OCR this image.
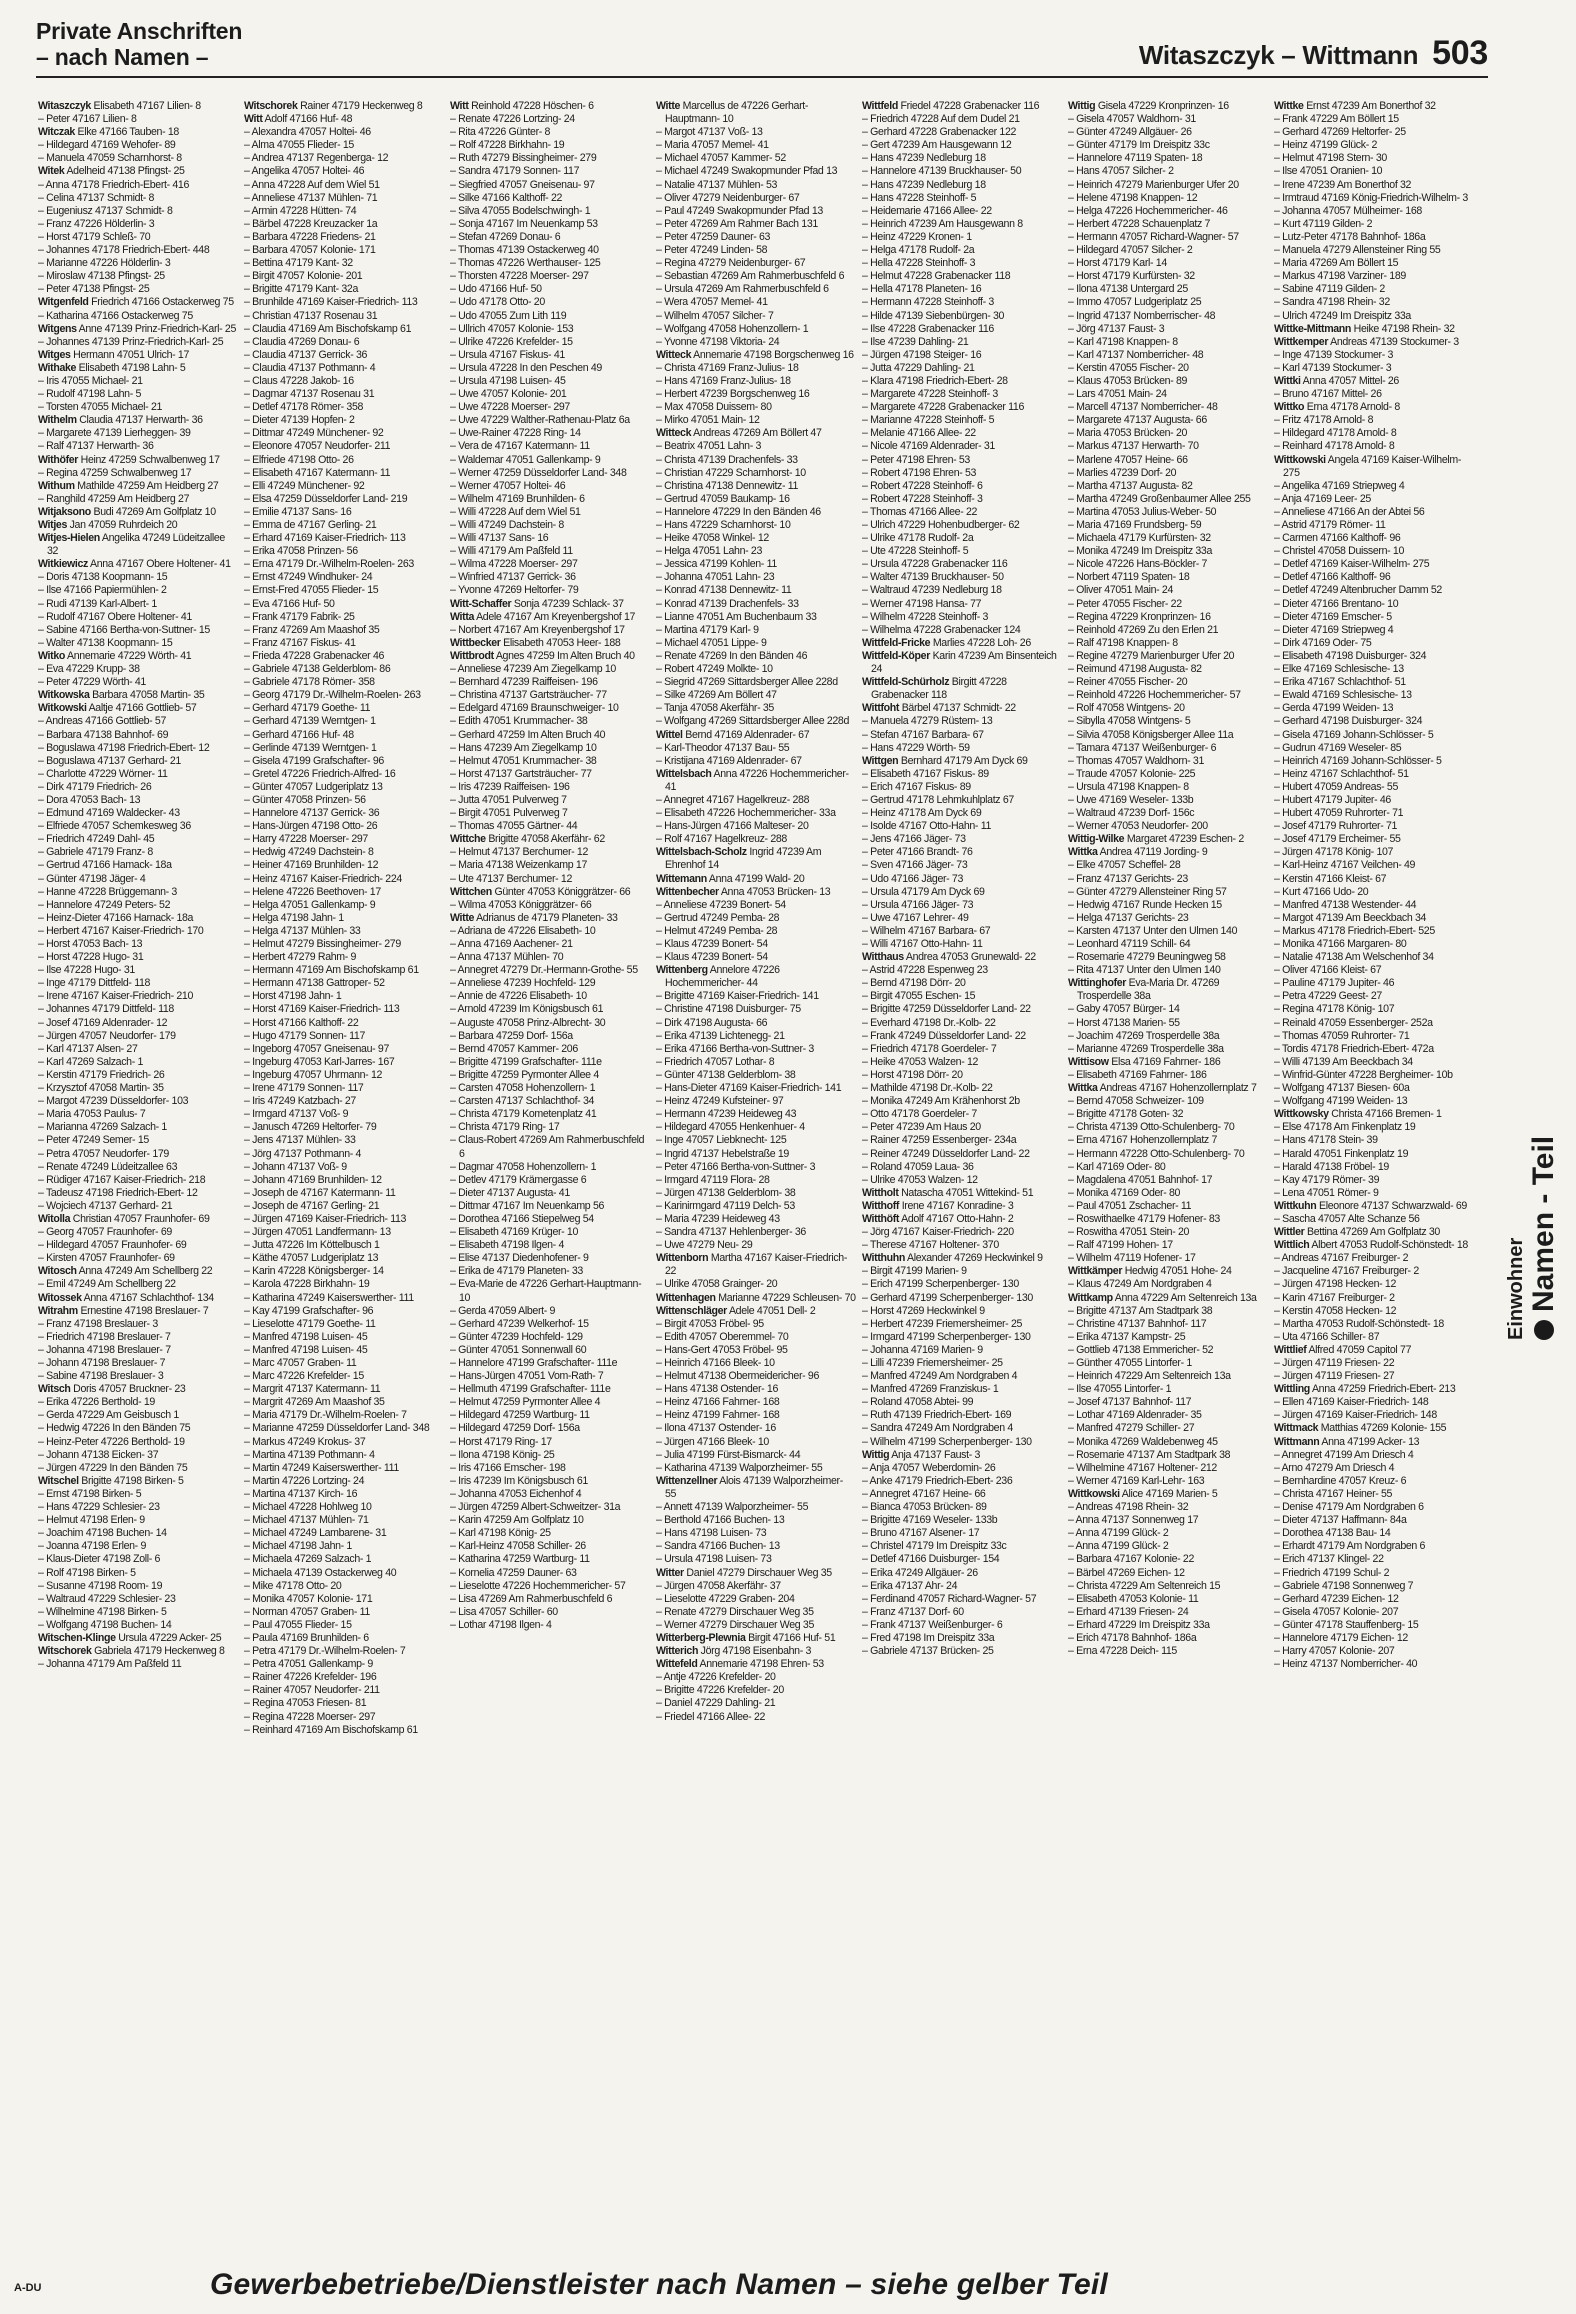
Private Anschriften
– nach Namen –	Witaszczyk – Wittmann 503

Witaszczyk Elisabeth 47167 Lilien- 8

– Peter 47167 Lilien- 8

Witczak Elke 47166 Tauben- 18

– Hildegard 47169 Wehofer- 89

– Manuela 47059 Scharnhorst- 8

Witek Adelheid 47138 Pfingst- 25

– Anna 47178 Friedrich-Ebert- 416

– Celina 47137 Schmidt- 8

– Eugeniusz 47137 Schmidt- 8

– Franz 47226 Hölderlin- 3

– Horst 47179 Schleß- 70

– Johannes 47178 Friedrich-Ebert- 448

– Marianne 47226 Hölderlin- 3

– Miroslaw 47138 Pfingst- 25

– Peter 47138 Pfingst- 25

Witgenfeld Friedrich 47166 Ostackerweg 75

– Katharina 47166 Ostackerweg 75

Witgens Anne 47139 Prinz-Friedrich-Karl- 25

– Johannes 47139 Prinz-Friedrich-Karl- 25

Witges Hermann 47051 Ulrich- 17

Withake Elisabeth 47198 Lahn- 5

– Iris 47055 Michael- 21

– Rudolf 47198 Lahn- 5

– Torsten 47055 Michael- 21

Withelm Claudia 47137 Herwarth- 36

– Margarete 47139 Lierheggen- 39

– Ralf 47137 Herwarth- 36

Withöfer Heinz 47259 Schwalbenweg 17

– Regina 47259 Schwalbenweg 17

Withum Mathilde 47259 Am Heidberg 27

– Ranghild 47259 Am Heidberg 27

Witjaksono Budi 47269 Am Golfplatz 10

Witjes Jan 47059 Ruhrdeich 20

Witjes-Hielen Angelika 47249 Lüdeitzallee 32

Witkiewicz Anna 47167 Obere Holtener- 41

– Doris 47138 Koopmann- 15

– Ilse 47166 Papiermühlen- 2

– Rudi 47139 Karl-Albert- 1

– Rudolf 47167 Obere Holtener- 41

– Sabine 47166 Bertha-von-Suttner- 15

– Walter 47138 Koopmann- 15

Witko Annemarie 47229 Wörth- 41

– Eva 47229 Krupp- 38

– Peter 47229 Wörth- 41

Witkowska Barbara 47058 Martin- 35

Witkowski Aaltje 47166 Gottlieb- 57

– Andreas 47166 Gottlieb- 57

– Barbara 47138 Bahnhof- 69

– Boguslawa 47198 Friedrich-Ebert- 12

– Boguslawa 47137 Gerhard- 21

– Charlotte 47229 Wörner- 11

– Dirk 47179 Friedrich- 26

– Dora 47053 Bach- 13

– Edmund 47169 Waldecker- 43

– Elfriede 47057 Schemkesweg 36

– Friedrich 47249 Dahl- 45

– Gabriele 47179 Franz- 8

– Gertrud 47166 Hamack- 18a

– Günter 47198 Jäger- 4

– Hanne 47228 Brüggemann- 3

– Hannelore 47249 Peters- 52

– Heinz-Dieter 47166 Harnack- 18a

– Herbert 47167 Kaiser-Friedrich- 170

– Horst 47053 Bach- 13

– Horst 47228 Hugo- 31

– Ilse 47228 Hugo- 31

– Inge 47179 Dittfeld- 118

– Irene 47167 Kaiser-Friedrich- 210

– Johannes 47179 Dittfeld- 118

– Josef 47169 Aldenrader- 12

– Jürgen 47057 Neudorfer- 179

– Karl 47137 Alsen- 27

– Karl 47269 Salzach- 1

– Kerstin 47179 Friedrich- 26

– Krzysztof 47058 Martin- 35

– Margot 47239 Düsseldorfer- 103

– Maria 47053 Paulus- 7

– Marianna 47269 Salzach- 1

– Peter 47249 Semer- 15

– Petra 47057 Neudorfer- 179

– Renate 47249 Lüdeitzallee 63

– Rüdiger 47167 Kaiser-Friedrich- 218

– Tadeusz 47198 Friedrich-Ebert- 12

– Wojciech 47137 Gerhard- 21

Witolla Christian 47057 Fraunhofer- 69

– Georg 47057 Fraunhofer- 69

– Hildegard 47057 Fraunhofer- 69

– Kirsten 47057 Fraunhofer- 69

Witosch Anna 47249 Am Schellberg 22

– Emil 47249 Am Schellberg 22

Witossek Anna 47167 Schlachthof- 134

Witrahm Ernestine 47198 Breslauer- 7

– Franz 47198 Breslauer- 3

– Friedrich 47198 Breslauer- 7

– Johanna 47198 Breslauer- 7

– Johann 47198 Breslauer- 7

– Sabine 47198 Breslauer- 3

Witsch Doris 47057 Bruckner- 23

– Erika 47226 Berthold- 19

– Gerda 47229 Am Geisbusch 1

– Hedwig 47226 In den Bänden 75

– Heinz-Peter 47226 Berthold- 19

– Johann 47138 Eicken- 37

– Jürgen 47229 In den Bänden 75

Witschel Brigitte 47198 Birken- 5

– Ernst 47198 Birken- 5

– Hans 47229 Schlesier- 23

– Helmut 47198 Erlen- 9

– Joachim 47198 Buchen- 14

– Joanna 47198 Erlen- 9

– Klaus-Dieter 47198 Zoll- 6

– Rolf 47198 Birken- 5

– Susanne 47198 Room- 19

– Waltraud 47229 Schlesier- 23

– Wilhelmine 47198 Birken- 5

– Wolfgang 47198 Buchen- 14

Witschen-Klinge Ursula 47229 Acker- 25

Witschorek Gabriela 47179 Heckenweg 8

– Johanna 47179 Am Paßfeld 11

Witschorek Rainer 47179 Heckenweg 8

Witt Adolf 47166 Huf- 48

– Alexandra 47057 Holtei- 46

– Alma 47055 Flieder- 15

– Andrea 47137 Regenberga- 12

– Angelika 47057 Holtei- 46

– Anna 47228 Auf dem Wiel 51

– Anneliese 47137 Mühlen- 71

– Armin 47228 Hütten- 74

– Bärbel 47228 Kreuzacker 1a

– Barbara 47228 Friedens- 21

– Barbara 47057 Kolonie- 171

– Bettina 47179 Kant- 32

– Birgit 47057 Kolonie- 201

– Brigitte 47179 Kant- 32a

– Brunhilde 47169 Kaiser-Friedrich- 113

– Christian 47137 Rosenau 31

– Claudia 47169 Am Bischofskamp 61

– Claudia 47269 Donau- 6

– Claudia 47137 Gerrick- 36

– Claudia 47137 Pothmann- 4

– Claus 47228 Jakob- 16

– Dagmar 47137 Rosenau 31

– Detlef 47178 Römer- 358

– Dieter 47139 Hopfen- 2

– Dittmar 47249 Münchener- 92

– Eleonore 47057 Neudorfer- 211

– Elfriede 47198 Otto- 26

– Elisabeth 47167 Katermann- 11

– Elli 47249 Münchener- 92

– Elsa 47259 Düsseldorfer Land- 219

– Emilie 47137 Sans- 16

– Emma de 47167 Gerling- 21

– Erhard 47169 Kaiser-Friedrich- 113

– Erika 47058 Prinzen- 56

– Erna 47179 Dr.-Wilhelm-Roelen- 263

– Ernst 47249 Windhuker- 24

– Ernst-Fred 47055 Flieder- 15

– Eva 47166 Huf- 50

– Frank 47179 Fabrik- 25

– Franz 47269 Am Maashof 35

– Franz 47167 Fiskus- 41

– Frieda 47228 Grabenacker 46

– Gabriele 47138 Gelderblom- 86

– Gabriele 47178 Römer- 358

– Georg 47179 Dr.-Wilhelm-Roelen- 263

– Gerhard 47179 Goethe- 11

– Gerhard 47139 Werntgen- 1

– Gerhard 47166 Huf- 48

– Gerlinde 47139 Werntgen- 1

– Gisela 47199 Grafschafter- 96

– Gretel 47226 Friedrich-Alfred- 16

– Günter 47057 Ludgeriplatz 13

– Günter 47058 Prinzen- 56

– Hannelore 47137 Gerrick- 36

– Hans-Jürgen 47198 Otto- 26

– Harry 47228 Moerser- 297

– Hedwig 47249 Dachstein- 8

– Heiner 47169 Brunhilden- 12

– Heinz 47167 Kaiser-Friedrich- 224

– Helene 47226 Beethoven- 17

– Helga 47051 Gallenkamp- 9

– Helga 47198 Jahn- 1

– Helga 47137 Mühlen- 33

– Helmut 47279 Bissingheimer- 279

– Herbert 47279 Rahm- 9

– Hermann 47169 Am Bischofskamp 61

– Hermann 47138 Gattroper- 52

– Horst 47198 Jahn- 1

– Horst 47169 Kaiser-Friedrich- 113

– Horst 47166 Kalthoff- 22

– Hugo 47179 Sonnen- 117

– Ingeborg 47057 Gneisenau- 97

– Ingeburg 47053 Karl-Jarres- 167

– Ingeburg 47057 Uhrmann- 12

– Irene 47179 Sonnen- 117

– Iris 47249 Katzbach- 27

– Irmgard 47137 Voß- 9

– Janusch 47269 Heltorfer- 79

– Jens 47137 Mühlen- 33

– Jörg 47137 Pothmann- 4

– Johann 47137 Voß- 9

– Johann 47169 Brunhilden- 12

– Joseph de 47167 Katermann- 11

– Joseph de 47167 Gerling- 21

– Jürgen 47169 Kaiser-Friedrich- 113

– Jürgen 47051 Landfermann- 13

– Jutta 47226 Im Köttelbusch 1

– Käthe 47057 Ludgeriplatz 13

– Karin 47228 Königsberger- 14

– Karola 47228 Birkhahn- 19

– Katharina 47249 Kaiserswerther- 111

– Kay 47199 Grafschafter- 96

– Lieselotte 47179 Goethe- 11

– Manfred 47198 Luisen- 45

– Manfred 47198 Luisen- 45

– Marc 47057 Graben- 11

– Marc 47226 Krefelder- 15

– Margrit 47137 Katermann- 11

– Margrit 47269 Am Maashof 35

– Maria 47179 Dr.-Wilhelm-Roelen- 7

– Marianne 47259 Düsseldorfer Land- 348

– Markus 47249 Krokus- 37

– Martina 47139 Pothmann- 4

– Martin 47249 Kaiserswerther- 111

– Martin 47226 Lortzing- 24

– Martina 47137 Kirch- 16

– Michael 47228 Hohlweg 10

– Michael 47137 Mühlen- 71

– Michael 47249 Lambarene- 31

– Michael 47198 Jahn- 1

– Michaela 47269 Salzach- 1

– Michaela 47139 Ostackerweg 40

– Mike 47178 Otto- 20

– Monika 47057 Kolonie- 171

– Norman 47057 Graben- 11

– Paul 47055 Flieder- 15

– Paula 47169 Brunhilden- 6

– Petra 47179 Dr.-Wilhelm-Roelen- 7

– Petra 47051 Gallenkamp- 9

– Rainer 47226 Krefelder- 196

– Rainer 47057 Neudorfer- 211

– Regina 47053 Friesen- 81

– Regina 47228 Moerser- 297

– Reinhard 47169 Am Bischofskamp 61

Witt Reinhold 47228 Höschen- 6

– Renate 47226 Lortzing- 24

– Rita 47226 Günter- 8

– Rolf 47228 Birkhahn- 19

– Ruth 47279 Bissingheimer- 279

– Sandra 47179 Sonnen- 117

– Siegfried 47057 Gneisenau- 97

– Silke 47166 Kalthoff- 22

– Silva 47055 Bodelschwingh- 1

– Sonja 47167 Im Neuenkamp 53

– Stefan 47269 Donau- 6

– Thomas 47139 Ostackerweg 40

– Thomas 47226 Werthauser- 125

– Thorsten 47228 Moerser- 297

– Udo 47166 Huf- 50

– Udo 47178 Otto- 20

– Udo 47055 Zum Lith 119

– Ullrich 47057 Kolonie- 153

– Ulrike 47226 Krefelder- 15

– Ursula 47167 Fiskus- 41

– Ursula 47228 In den Peschen 49

– Ursula 47198 Luisen- 45

– Uwe 47057 Kolonie- 201

– Uwe 47228 Moerser- 297

– Uwe 47229 Walther-Rathenau-Platz 6a

– Uwe-Rainer 47228 Ring- 14

– Vera de 47167 Katermann- 11

– Waldemar 47051 Gallenkamp- 9

– Werner 47259 Düsseldorfer Land- 348

– Werner 47057 Holtei- 46

– Wilhelm 47169 Brunhilden- 6

– Willi 47228 Auf dem Wiel 51

– Willi 47249 Dachstein- 8

– Willi 47137 Sans- 16

– Willi 47179 Am Paßfeld 11

– Wilma 47228 Moerser- 297

– Winfried 47137 Gerrick- 36

– Yvonne 47269 Heltorfer- 79

Witt-Schaffer Sonja 47239 Schlack- 37

Witta Adele 47167 Am Kreyenbergshof 17

– Norbert 47167 Am Kreyenbergshof 17

Wittbecker Elisabeth 47053 Heer- 188

Wittbrodt Agnes 47259 Im Alten Bruch 40

– Anneliese 47239 Am Ziegelkamp 10

– Bernhard 47239 Raiffeisen- 196

– Christina 47137 Gartsträucher- 77

– Edelgard 47169 Braunschweiger- 10

– Edith 47051 Krummacher- 38

– Gerhard 47259 Im Alten Bruch 40

– Hans 47239 Am Ziegelkamp 10

– Helmut 47051 Krummacher- 38

– Horst 47137 Gartsträucher- 77

– Iris 47239 Raiffeisen- 196

– Jutta 47051 Pulverweg 7

– Birgit 47051 Pulverweg 7

– Thomas 47055 Gärtner- 44

Wittche Brigitte 47058 Akerfähr- 62

– Helmut 47137 Berchumer- 12

– Maria 47138 Weizenkamp 17

– Ute 47137 Berchumer- 12

Wittchen Günter 47053 Königgrätzer- 66

– Wilma 47053 Königgrätzer- 66

Witte Adrianus de 47179 Planeten- 33

– Adriana de 47226 Elisabeth- 10

– Anna 47169 Aachener- 21

– Anna 47137 Mühlen- 70

– Annegret 47279 Dr.-Hermann-Grothe- 55

– Anneliese 47239 Hochfeld- 129

– Annie de 47226 Elisabeth- 10

– Arnold 47239 Im Königsbusch 61

– Auguste 47058 Prinz-Albrecht- 30

– Barbara 47259 Dorf- 156a

– Bernd 47057 Kammer- 206

– Brigitte 47199 Grafschafter- 111e

– Brigitte 47259 Pyrmonter Allee 4

– Carsten 47058 Hohenzollern- 1

– Carsten 47137 Schlachthof- 34

– Christa 47179 Kometenplatz 41

– Christa 47179 Ring- 17

– Claus-Robert 47269 Am Rahmerbuschfeld 6

– Dagmar 47058 Hohenzollern- 1

– Detlev 47179 Krämergasse 6

– Dieter 47137 Augusta- 41

– Dittmar 47167 Im Neuenkamp 56

– Dorothea 47166 Stiepelweg 54

– Elisabeth 47169 Krüger- 10

– Elisabeth 47198 Ilgen- 4

– Elise 47137 Diedenhofener- 9

– Erika de 47179 Planeten- 33

– Eva-Marie de 47226 Gerhart-Hauptmann- 10

– Gerda 47059 Albert- 9

– Gerhard 47239 Welkerhof- 15

– Günter 47239 Hochfeld- 129

– Günter 47051 Sonnenwall 60

– Hannelore 47199 Grafschafter- 111e

– Hans-Jürgen 47051 Vom-Rath- 7

– Hellmuth 47199 Grafschafter- 111e

– Helmut 47259 Pyrmonter Allee 4

– Hildegard 47259 Wartburg- 11

– Hildegard 47259 Dorf- 156a

– Horst 47179 Ring- 17

– Ilona 47198 König- 25

– Iris 47166 Emscher- 198

– Iris 47239 Im Königsbusch 61

– Johanna 47053 Eichenhof 4

– Jürgen 47259 Albert-Schweitzer- 31a

– Karin 47259 Am Golfplatz 10

– Karl 47198 König- 25

– Karl-Heinz 47058 Schiller- 26

– Katharina 47259 Wartburg- 11

– Kornelia 47259 Dauner- 63

– Lieselotte 47226 Hochemmericher- 57

– Lisa 47269 Am Rahmerbuschfeld 6

– Lisa 47057 Schiller- 60

– Lothar 47198 Ilgen- 4

Witte Marcellus de 47226 Gerhart-Hauptmann- 10

– Margot 47137 Voß- 13

– Maria 47057 Memel- 41

– Michael 47057 Kammer- 52

– Michael 47249 Swakopmunder Pfad 13

– Natalie 47137 Mühlen- 53

– Oliver 47279 Neidenburger- 67

– Paul 47249 Swakopmunder Pfad 13

– Peter 47269 Am Rahmer Bach 131

– Peter 47259 Dauner- 63

– Peter 47249 Linden- 58

– Regina 47279 Neidenburger- 67

– Sebastian 47269 Am Rahmerbuschfeld 6

– Ursula 47269 Am Rahmerbuschfeld 6

– Wera 47057 Memel- 41

– Wilhelm 47057 Silcher- 7

– Wolfgang 47058 Hohenzollern- 1

– Yvonne 47198 Viktoria- 24

Witteck Annemarie 47198 Borgschenweg 16

– Christa 47169 Franz-Julius- 18

– Hans 47169 Franz-Julius- 18

– Herbert 47239 Borgschenweg 16

– Max 47058 Duissem- 80

– Mirko 47051 Main- 12

Witteck Andreas 47269 Am Böllert 47

– Beatrix 47051 Lahn- 3

– Christa 47139 Drachenfels- 33

– Christian 47229 Scharnhorst- 10

– Christina 47138 Dennewitz- 11

– Gertrud 47059 Baukamp- 16

– Hannelore 47229 In den Bänden 46

– Hans 47229 Scharnhorst- 10

– Heike 47058 Winkel- 12

– Helga 47051 Lahn- 23

– Jessica 47199 Kohlen- 11

– Johanna 47051 Lahn- 23

– Konrad 47138 Dennewitz- 11

– Konrad 47139 Drachenfels- 33

– Lianne 47051 Am Buchenbaum 33

– Martina 47179 Karl- 9

– Michael 47051 Lippe- 9

– Renate 47269 In den Bänden 46

– Robert 47249 Molkte- 10

– Siegrid 47269 Sittardsberger Allee 228d

– Silke 47269 Am Böllert 47

– Tanja 47058 Akerfähr- 35

– Wolfgang 47269 Sittardsberger Allee 228d

Wittel Bernd 47169 Aldenrader- 67

– Karl-Theodor 47137 Bau- 55

– Kristijana 47169 Aldenrader- 67

Wittelsbach Anna 47226 Hochemmericher- 41

– Annegret 47167 Hagelkreuz- 288

– Elisabeth 47226 Hochemmericher- 33a

– Hans-Jürgen 47166 Malteser- 20

– Rolf 47167 Hagelkreuz- 288

Wittelsbach-Scholz Ingrid 47239 Am Ehrenhof 14

Wittemann Anna 47199 Wald- 20

Wittenbecher Anna 47053 Brücken- 13

– Anneliese 47239 Bonert- 54

– Gertrud 47249 Pemba- 28

– Helmut 47249 Pemba- 28

– Klaus 47239 Bonert- 54

– Klaus 47239 Bonert- 54

Wittenberg Annelore 47226 Hochemmericher- 44

– Brigitte 47169 Kaiser-Friedrich- 141

– Christine 47198 Duisburger- 75

– Dirk 47198 Augusta- 66

– Erika 47139 Lichtenegg- 21

– Erika 47166 Bertha-von-Suttner- 3

– Friedrich 47057 Lothar- 8

– Günter 47138 Gelderblom- 38

– Hans-Dieter 47169 Kaiser-Friedrich- 141

– Heinz 47249 Kufsteiner- 97

– Hermann 47239 Heideweg 43

– Hildegard 47055 Henkenhuer- 4

– Inge 47057 Liebknecht- 125

– Ingrid 47137 Hebelstraße 19

– Peter 47166 Bertha-von-Suttner- 3

– Irmgard 47119 Flora- 28

– Jürgen 47138 Gelderblom- 38

– Karinirmgard 47119 Delch- 53

– Maria 47239 Heideweg 43

– Sandra 47137 Hehlenberger- 36

– Uwe 47279 Neu- 29

Wittenborn Martha 47167 Kaiser-Friedrich- 22

– Ulrike 47058 Grainger- 20

Wittenhagen Marianne 47229 Schleusen- 70

Wittenschläger Adele 47051 Dell- 2

– Birgit 47053 Fröbel- 95

– Edith 47057 Oberemmel- 70

– Hans-Gert 47053 Fröbel- 95

– Heinrich 47166 Bleek- 10

– Helmut 47138 Obermeidericher- 96

– Hans 47138 Ostender- 16

– Heinz 47166 Fahrner- 168

– Heinz 47199 Fahrner- 168

– Ilona 47137 Ostender- 16

– Jürgen 47166 Bleek- 10

– Julia 47199 Fürst-Bismarck- 44

– Katharina 47139 Walporzheimer- 55

Wittenzellner Alois 47139 Walporzheimer- 55

– Annett 47139 Walporzheimer- 55

– Berthold 47166 Buchen- 13

– Hans 47198 Luisen- 73

– Sandra 47166 Buchen- 13

– Ursula 47198 Luisen- 73

Witter Daniel 47279 Dirschauer Weg 35

– Jürgen 47058 Akerfähr- 37

– Lieselotte 47229 Graben- 204

– Renate 47279 Dirschauer Weg 35

– Werner 47279 Dirschauer Weg 35

Witterberg-Plewnia Birgit 47166 Huf- 51

Witterich Jörg 47198 Eisenbahn- 3

Wittefeld Annemarie 47198 Ehren- 53

– Antje 47226 Krefelder- 20

– Brigitte 47226 Krefelder- 20

– Daniel 47229 Dahling- 21

– Friedel 47166 Allee- 22

Wittfeld Friedel 47228 Grabenacker 116

– Friedrich 47228 Auf dem Dudel 21

– Gerhard 47228 Grabenacker 122

– Gert 47239 Am Hausgewann 12

– Hans 47239 Nedleburg 18

– Hannelore 47139 Bruckhauser- 50

– Hans 47239 Nedleburg 18

– Hans 47228 Steinhoff- 5

– Heidemarie 47166 Allee- 22

– Heinrich 47239 Am Hausgewann 8

– Heinz 47229 Kronen- 1

– Helga 47178 Rudolf- 2a

– Hella 47228 Steinhoff- 3

– Helmut 47228 Grabenacker 118

– Hella 47178 Planeten- 16

– Hermann 47228 Steinhoff- 3

– Hilde 47139 Siebenbürgen- 30

– Ilse 47228 Grabenacker 116

– Ilse 47239 Dahling- 21

– Jürgen 47198 Steiger- 16

– Jutta 47229 Dahling- 21

– Klara 47198 Friedrich-Ebert- 28

– Margarete 47228 Steinhoff- 3

– Margarete 47228 Grabenacker 116

– Marianne 47228 Steinhoff- 5

– Melanie 47166 Allee- 22

– Nicole 47169 Aldenrader- 31

– Peter 47198 Ehren- 53

– Robert 47198 Ehren- 53

– Robert 47228 Steinhoff- 6

– Robert 47228 Steinhoff- 3

– Thomas 47166 Allee- 22

– Ulrich 47229 Hohenbudberger- 62

– Ulrike 47178 Rudolf- 2a

– Ute 47228 Steinhoff- 5

– Ursula 47228 Grabenacker 116

– Walter 47139 Bruckhauser- 50

– Waltraud 47239 Nedleburg 18

– Werner 47198 Hansa- 77

– Wilhelm 47228 Steinhoff- 3

– Wilhelma 47228 Grabenacker 124

Wittfeld-Fricke Marlies 47228 Loh- 26

Wittfeld-Köper Karin 47239 Am Binsenteich 24

Wittfeld-Schürholz Birgitt 47228 Grabenacker 118

Wittfoht Bärbel 47137 Schmidt- 22

– Manuela 47279 Rüstem- 13

– Stefan 47167 Barbara- 67

– Hans 47229 Wörth- 59

Wittgen Bernhard 47179 Am Dyck 69

– Elisabeth 47167 Fiskus- 89

– Erich 47167 Fiskus- 89

– Gertrud 47178 Lehmkuhlplatz 67

– Heinz 47178 Am Dyck 69

– Isolde 47167 Otto-Hahn- 11

– Jens 47166 Jäger- 73

– Peter 47166 Brandt- 76

– Sven 47166 Jäger- 73

– Udo 47166 Jäger- 73

– Ursula 47179 Am Dyck 69

– Ursula 47166 Jäger- 73

– Uwe 47167 Lehrer- 49

– Wilhelm 47167 Barbara- 67

– Willi 47167 Otto-Hahn- 11

Witthaus Andrea 47053 Grunewald- 22

– Astrid 47228 Espenweg 23

– Bernd 47198 Dörr- 20

– Birgit 47055 Eschen- 15

– Brigitte 47259 Düsseldorfer Land- 22

– Everhard 47198 Dr.-Kolb- 22

– Frank 47249 Düsseldorfer Land- 22

– Friedrich 47178 Goerdeler- 7

– Heike 47053 Walzen- 12

– Horst 47198 Dörr- 20

– Mathilde 47198 Dr.-Kolb- 22

– Monika 47249 Am Krähenhorst 2b

– Otto 47178 Goerdeler- 7

– Peter 47239 Am Haus 20

– Rainer 47259 Essenberger- 234a

– Reiner 47249 Düsseldorfer Land- 22

– Roland 47059 Laua- 36

– Ulrike 47053 Walzen- 12

Wittholt Natascha 47051 Wittekind- 51

Witthoff Irene 47167 Konradine- 3

Witthöft Adolf 47167 Otto-Hahn- 2

– Jörg 47167 Kaiser-Friedrich- 220

– Therese 47167 Holtener- 370

Witthuhn Alexander 47269 Heckwinkel 9

– Birgit 47199 Marien- 9

– Erich 47199 Scherpenberger- 130

– Gerhard 47199 Scherpenberger- 130

– Horst 47269 Heckwinkel 9

– Herbert 47239 Friemersheimer- 25

– Irmgard 47199 Scherpenberger- 130

– Johanna 47169 Marien- 9

– Lilli 47239 Friemersheimer- 25

– Manfred 47249 Am Nordgraben 4

– Manfred 47269 Franziskus- 1

– Roland 47058 Abtei- 99

– Ruth 47139 Friedrich-Ebert- 169

– Sandra 47249 Am Nordgraben 4

– Wilhelm 47199 Scherpenberger- 130

Wittig Anja 47137 Faust- 3

– Anja 47057 Weberdomin- 26

– Anke 47179 Friedrich-Ebert- 236

– Annegret 47167 Heine- 66

– Bianca 47053 Brücken- 89

– Brigitte 47169 Weseler- 133b

– Bruno 47167 Alsener- 17

– Christel 47179 Im Dreispitz 33c

– Detlef 47166 Duisburger- 154

– Erika 47249 Allgäuer- 26

– Erika 47137 Ahr- 24

– Ferdinand 47057 Richard-Wagner- 57

– Franz 47137 Dorf- 60

– Frank 47137 Weißenburger- 6

– Fred 47198 Im Dreispitz 33a

– Gabriele 47137 Brücken- 25

Wittig Gisela 47229 Kronprinzen- 16

– Gisela 47057 Waldhorn- 31

– Günter 47249 Allgäuer- 26

– Günter 47179 Im Dreispitz 33c

– Hannelore 47119 Spaten- 18

– Hans 47057 Silcher- 2

– Heinrich 47279 Marienburger Ufer 20

– Helene 47198 Knappen- 12

– Helga 47226 Hochemmericher- 46

– Herbert 47228 Schauenplatz 7

– Hermann 47057 Richard-Wagner- 57

– Hildegard 47057 Silcher- 2

– Horst 47179 Karl- 14

– Horst 47179 Kurfürsten- 32

– Ilona 47138 Untergard 25

– Immo 47057 Ludgeriplatz 25

– Ingrid 47137 Nomberrischer- 48

– Jörg 47137 Faust- 3

– Karl 47198 Knappen- 8

– Karl 47137 Nomberricher- 48

– Kerstin 47055 Fischer- 20

– Klaus 47053 Brücken- 89

– Lars 47051 Main- 24

– Marcell 47137 Nomberricher- 48

– Margarete 47137 Augusta- 66

– Maria 47053 Brücken- 20

– Markus 47137 Herwarth- 70

– Marlene 47057 Heine- 66

– Marlies 47239 Dorf- 20

– Martha 47137 Augusta- 82

– Martha 47249 Großenbaumer Allee 255

– Martina 47053 Julius-Weber- 50

– Maria 47169 Frundsberg- 59

– Michaela 47179 Kurfürsten- 32

– Monika 47249 Im Dreispitz 33a

– Nicole 47226 Hans-Böckler- 7

– Norbert 47119 Spaten- 18

– Oliver 47051 Main- 24

– Peter 47055 Fischer- 22

– Regina 47229 Kronprinzen- 16

– Reinhold 47269 Zu den Erlen 21

– Ralf 47198 Knappen- 8

– Regine 47279 Marienburger Ufer 20

– Reimund 47198 Augusta- 82

– Reiner 47055 Fischer- 20

– Reinhold 47226 Hochemmericher- 57

– Rolf 47058 Wintgens- 20

– Sibylla 47058 Wintgens- 5

– Silvia 47058 Königsberger Allee 11a

– Tamara 47137 Weißenburger- 6

– Thomas 47057 Waldhorn- 31

– Traude 47057 Kolonie- 225

– Ursula 47198 Knappen- 8

– Uwe 47169 Weseler- 133b

– Waltraud 47239 Dorf- 156c

– Werner 47053 Neudorfer- 200

Wittig-Wilke Margaret 47239 Eschen- 2

Wittka Andrea 47119 Jording- 9

– Elke 47057 Scheffel- 28

– Franz 47137 Gerichts- 23

– Günter 47279 Allensteiner Ring 57

– Hedwig 47167 Runde Hecken 15

– Helga 47137 Gerichts- 23

– Karsten 47137 Unter den Ulmen 140

– Leonhard 47119 Schill- 64

– Rosemarie 47279 Beuningweg 58

– Rita 47137 Unter den Ulmen 140

Wittinghofer Eva-Maria Dr. 47269 Trosperdelle 38a

– Gaby 47057 Bürger- 14

– Horst 47138 Marien- 55

– Joachim 47269 Trosperdelle 38a

– Marianne 47269 Trosperdelle 38a

Wittisow Elsa 47169 Fahrner- 186

– Elisabeth 47169 Fahrner- 186

Wittka Andreas 47167 Hohenzollernplatz 7

– Bernd 47058 Schweizer- 109

– Brigitte 47178 Goten- 32

– Christa 47139 Otto-Schulenberg- 70

– Erna 47167 Hohenzollernplatz 7

– Hermann 47228 Otto-Schulenberg- 70

– Karl 47169 Oder- 80

– Magdalena 47051 Bahnhof- 17

– Monika 47169 Oder- 80

– Paul 47051 Zschacher- 11

– Roswithaelke 47179 Hofener- 83

– Roswitha 47051 Stein- 20

– Ralf 47199 Hohen- 17

– Wilhelm 47119 Hofener- 17

Wittkämper Hedwig 47051 Hohe- 24

– Klaus 47249 Am Nordgraben 4

Wittkamp Anna 47229 Am Seltenreich 13a

– Brigitte 47137 Am Stadtpark 38

– Christine 47137 Bahnhof- 117

– Erika 47137 Kampstr- 25

– Gottlieb 47138 Emmericher- 52

– Günther 47055 Lintorfer- 1

– Heinrich 47229 Am Seltenreich 13a

– Ilse 47055 Lintorfer- 1

– Josef 47137 Bahnhof- 117

– Lothar 47169 Aldenrader- 35

– Manfred 47279 Schiller- 27

– Monika 47269 Waldebenweg 45

– Rosemarie 47137 Am Stadtpark 38

– Wilhelmine 47167 Holtener- 212

– Werner 47169 Karl-Lehr- 163

Wittkowski Alice 47169 Marien- 5

– Andreas 47198 Rhein- 32

– Anna 47137 Sonnenweg 17

– Anna 47199 Glück- 2

– Anna 47199 Glück- 2

– Barbara 47167 Kolonie- 22

– Bärbel 47269 Eichen- 12

– Christa 47229 Am Seltenreich 15

– Elisabeth 47053 Kolonie- 11

– Erhard 47139 Friesen- 24

– Erhard 47229 Im Dreispitz 33a

– Erich 47178 Bahnhof- 186a

– Erna 47228 Deich- 115

Wittke Ernst 47239 Am Bonerthof 32

– Frank 47229 Am Böllert 15

– Gerhard 47269 Heltorfer- 25

– Heinz 47199 Glück- 2

– Helmut 47198 Stern- 30

– Ilse 47051 Oranien- 10

– Irene 47239 Am Bonerthof 32

– Irmtraud 47169 König-Friedrich-Wilhelm- 3

– Johanna 47057 Mülheimer- 168

– Kurt 47119 Gilden- 2

– Lutz-Peter 47178 Bahnhof- 186a

– Manuela 47279 Allensteiner Ring 55

– Maria 47269 Am Böllert 15

– Markus 47198 Varziner- 189

– Sabine 47119 Gilden- 2

– Sandra 47198 Rhein- 32

– Ulrich 47249 Im Dreispitz 33a

Wittke-Mittmann Heike 47198 Rhein- 32

Wittkemper Andreas 47139 Stockumer- 3

– Inge 47139 Stockumer- 3

– Karl 47139 Stockumer- 3

Wittki Anna 47057 Mittel- 26

– Bruno 47167 Mittel- 26

Wittko Erna 47178 Arnold- 8

– Fritz 47178 Arnold- 8

– Hildegard 47178 Arnold- 8

– Reinhard 47178 Arnold- 8

Wittkowski Angela 47169 Kaiser-Wilhelm- 275

– Angelika 47169 Striepweg 4

– Anja 47169 Leer- 25

– Anneliese 47166 An der Abtei 56

– Astrid 47179 Römer- 11

– Carmen 47166 Kalthoff- 96

– Christel 47058 Duissern- 10

– Detlef 47169 Kaiser-Wilhelm- 275

– Detlef 47166 Kalthoff- 96

– Detlef 47249 Altenbrucher Damm 52

– Dieter 47166 Brentano- 10

– Dieter 47169 Emscher- 5

– Dieter 47169 Striepweg 4

– Dirk 47169 Oder- 75

– Elisabeth 47198 Duisburger- 324

– Elke 47169 Schlesische- 13

– Erika 47167 Schlachthof- 51

– Ewald 47169 Schlesische- 13

– Gerda 47199 Weiden- 13

– Gerhard 47198 Duisburger- 324

– Gisela 47169 Johann-Schlösser- 5

– Gudrun 47169 Weseler- 85

– Heinrich 47169 Johann-Schlösser- 5

– Heinz 47167 Schlachthof- 51

– Hubert 47059 Andreas- 55

– Hubert 47179 Jupiter- 46

– Hubert 47059 Ruhrorter- 71

– Josef 47179 Ruhrorter- 71

– Josef 47179 Ercheimer- 55

– Jürgen 47178 König- 107

– Karl-Heinz 47167 Veilchen- 49

– Kerstin 47166 Kleist- 67

– Kurt 47166 Udo- 20

– Manfred 47138 Westender- 44

– Margot 47139 Am Beeckbach 34

– Markus 47178 Friedrich-Ebert- 525

– Monika 47166 Margaren- 80

– Natalie 47138 Am Welschenhof 34

– Oliver 47166 Kleist- 67

– Pauline 47179 Jupiter- 46

– Petra 47229 Geest- 27

– Regina 47178 König- 107

– Reinald 47059 Essenberger- 252a

– Thomas 47059 Ruhrorter- 71

– Tordis 47178 Friedrich-Ebert- 472a

– Willi 47139 Am Beeckbach 34

– Winfrid-Günter 47228 Bergheimer- 10b

– Wolfgang 47137 Biesen- 60a

– Wolfgang 47199 Weiden- 13

Wittkowsky Christa 47166 Bremen- 1

– Else 47178 Am Finkenplatz 19

– Hans 47178 Stein- 39

– Harald 47051 Finkenplatz 19

– Harald 47138 Fröbel- 19

– Kay 47179 Römer- 39

– Lena 47051 Römer- 9

Wittkuhn Eleonore 47137 Schwarzwald- 69

– Sascha 47057 Alte Schanze 56

Wittler Bettina 47269 Am Golfplatz 30

Wittlich Albert 47053 Rudolf-Schönstedt- 18

– Andreas 47167 Freiburger- 2

– Jacqueline 47167 Freiburger- 2

– Jürgen 47198 Hecken- 12

– Karin 47167 Freiburger- 2

– Kerstin 47058 Hecken- 12

– Martha 47053 Rudolf-Schönstedt- 18

– Uta 47166 Schiller- 87

Wittlief Alfred 47059 Capitol 77

– Jürgen 47119 Friesen- 22

– Jürgen 47119 Friesen- 27

Wittling Anna 47259 Friedrich-Ebert- 213

– Ellen 47169 Kaiser-Friedrich- 148

– Jürgen 47169 Kaiser-Friedrich- 148

Wittmack Matthias 47269 Kolonie- 155

Wittmann Anna 47199 Acker- 13

– Annegret 47199 Am Driesch 4

– Arno 47279 Am Driesch 4

– Bernhardine 47057 Kreuz- 6

– Christa 47167 Heiner- 55

– Denise 47179 Am Nordgraben 6

– Dieter 47137 Haffmann- 84a

– Dorothea 47138 Bau- 14

– Erhardt 47179 Am Nordgraben 6

– Erich 47137 Klingel- 22

– Friedrich 47199 Schul- 2

– Gabriele 47198 Sonnenweg 7

– Gerhard 47239 Eichen- 12

– Gisela 47057 Kolonie- 207

– Günter 47178 Stauffenberg- 15

– Hannelore 47179 Eichen- 12

– Harry 47057 Kolonie- 207

– Heinz 47137 Nomberricher- 40

Einwohner Namen - Teil
A-DU	Gewerbebetriebe/Dienstleister nach Namen – siehe gelber Teil
